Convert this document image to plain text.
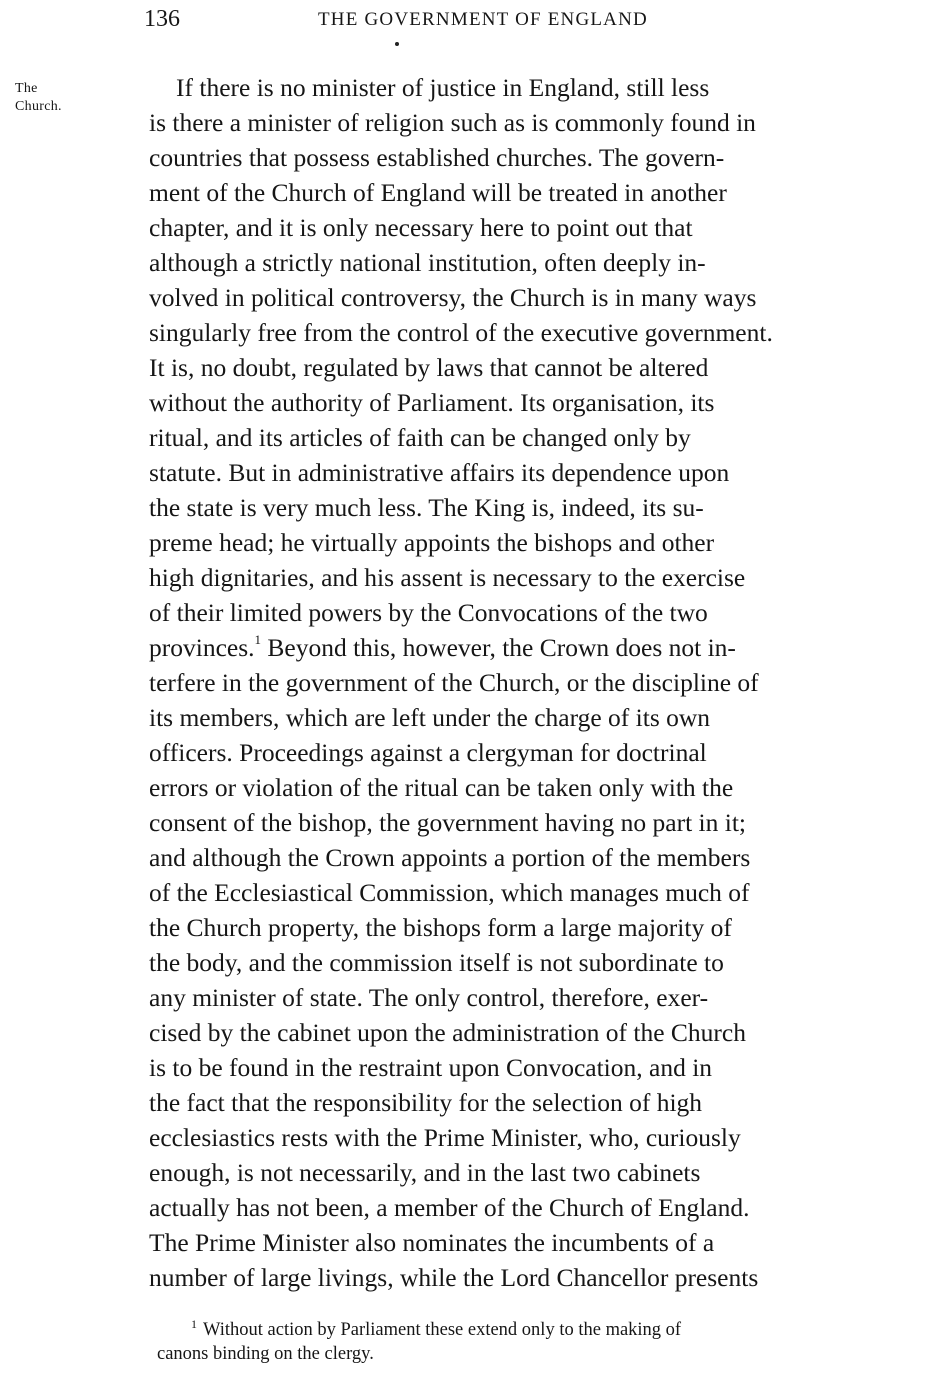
136	THE GOVERNMENT OF ENGLAND
The
Church.
If there is no minister of justice in England, still less
is there a minister of religion such as is commonly found in
countries that possess established churches. The govern-
ment of the Church of England will be treated in another
chapter, and it is only necessary here to point out that
although a strictly national institution, often deeply in-
volved in political controversy, the Church is in many ways
singularly free from the control of the executive government.
It is, no doubt, regulated by laws that cannot be altered
without the authority of Parliament. Its organisation, its
ritual, and its articles of faith can be changed only by
statute. But in administrative affairs its dependence upon
the state is very much less. The King is, indeed, its su-
preme head; he virtually appoints the bishops and other
high dignitaries, and his assent is necessary to the exercise
of their limited powers by the Convocations of the two
provinces.$^1$ Beyond this, however, the Crown does not in-
terfere in the government of the Church, or the discipline of
its members, which are left under the charge of its own
officers. Proceedings against a clergyman for doctrinal
errors or violation of the ritual can be taken only with the
consent of the bishop, the government having no part in it;
and although the Crown appoints a portion of the members
of the Ecclesiastical Commission, which manages much of
the Church property, the bishops form a large majority of
the body, and the commission itself is not subordinate to
any minister of state. The only control, therefore, exer-
cised by the cabinet upon the administration of the Church
is to be found in the restraint upon Convocation, and in
the fact that the responsibility for the selection of high
ecclesiastics rests with the Prime Minister, who, curiously
enough, is not necessarily, and in the last two cabinets
actually has not been, a member of the Church of England.
The Prime Minister also nominates the incumbents of a
number of large livings, while the Lord Chancellor presents
$^1$ Without action by Parliament these extend only to the making of
canons binding on the clergy.
